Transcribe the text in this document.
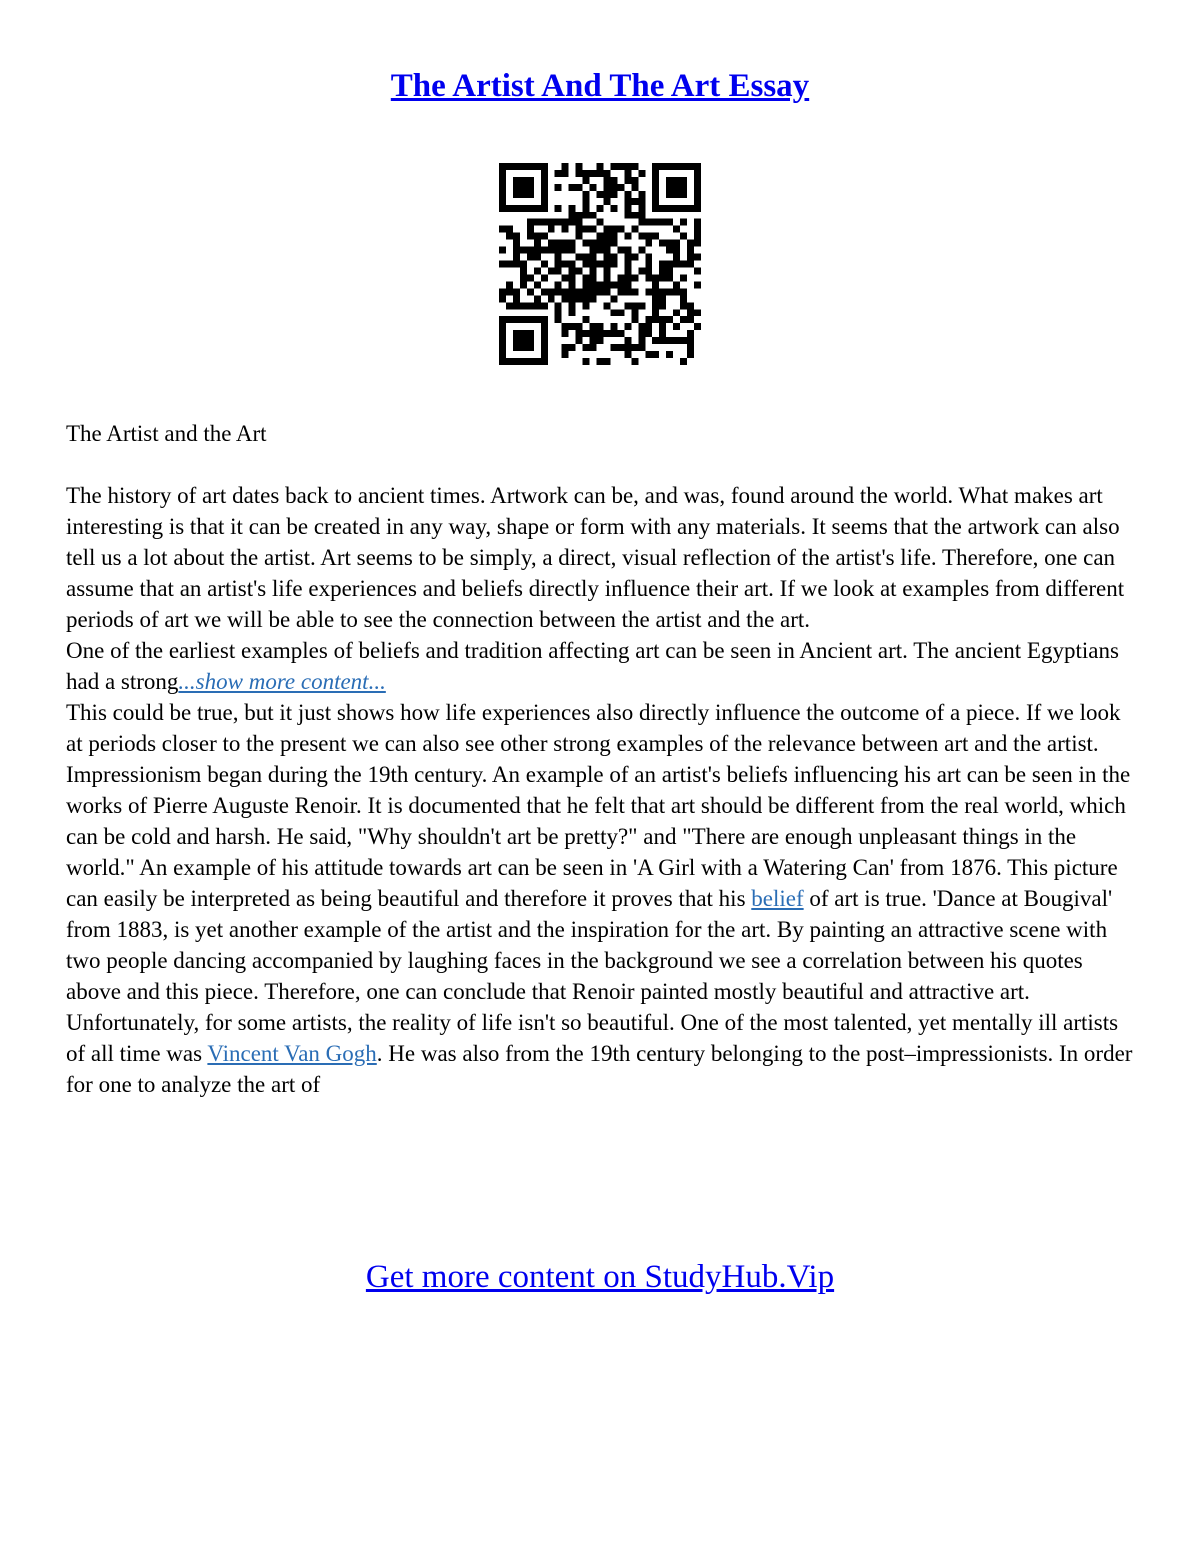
The Artist And The Art Essay

The Artist and the Art

The history of art dates back to ancient times. Artwork can be, and was, found around the world. What makes art interesting is that it can be created in any way, shape or form with any materials. It seems that the artwork can also tell us a lot about the artist. Art seems to be simply, a direct, visual reflection of the artist's life. Therefore, one can assume that an artist's life experiences and beliefs directly influence their art. If we look at examples from different periods of art we will be able to see the connection between the artist and the art.

One of the earliest examples of beliefs and tradition affecting art can be seen in Ancient art. The ancient Egyptians had a strong...show more content...

This could be true, but it just shows how life experiences also directly influence the outcome of a piece. If we look at periods closer to the present we can also see other strong examples of the relevance between art and the artist.

Impressionism began during the 19th century. An example of an artist's beliefs influencing his art can be seen in the works of Pierre Auguste Renoir. It is documented that he felt that art should be different from the real world, which can be cold and harsh. He said, "Why shouldn't art be pretty?" and "There are enough unpleasant things in the world." An example of his attitude towards art can be seen in 'A Girl with a Watering Can' from 1876. This picture can easily be interpreted as being beautiful and therefore it proves that his belief of art is true. 'Dance at Bougival' from 1883, is yet another example of the artist and the inspiration for the art. By painting an attractive scene with two people dancing accompanied by laughing faces in the background we see a correlation between his quotes above and this piece. Therefore, one can conclude that Renoir painted mostly beautiful and attractive art.

Unfortunately, for some artists, the reality of life isn't so beautiful. One of the most talented, yet mentally ill artists of all time was Vincent Van Gogh. He was also from the 19th century belonging to the post–impressionists. In order for one to analyze the art of

Get more content on StudyHub.Vip
